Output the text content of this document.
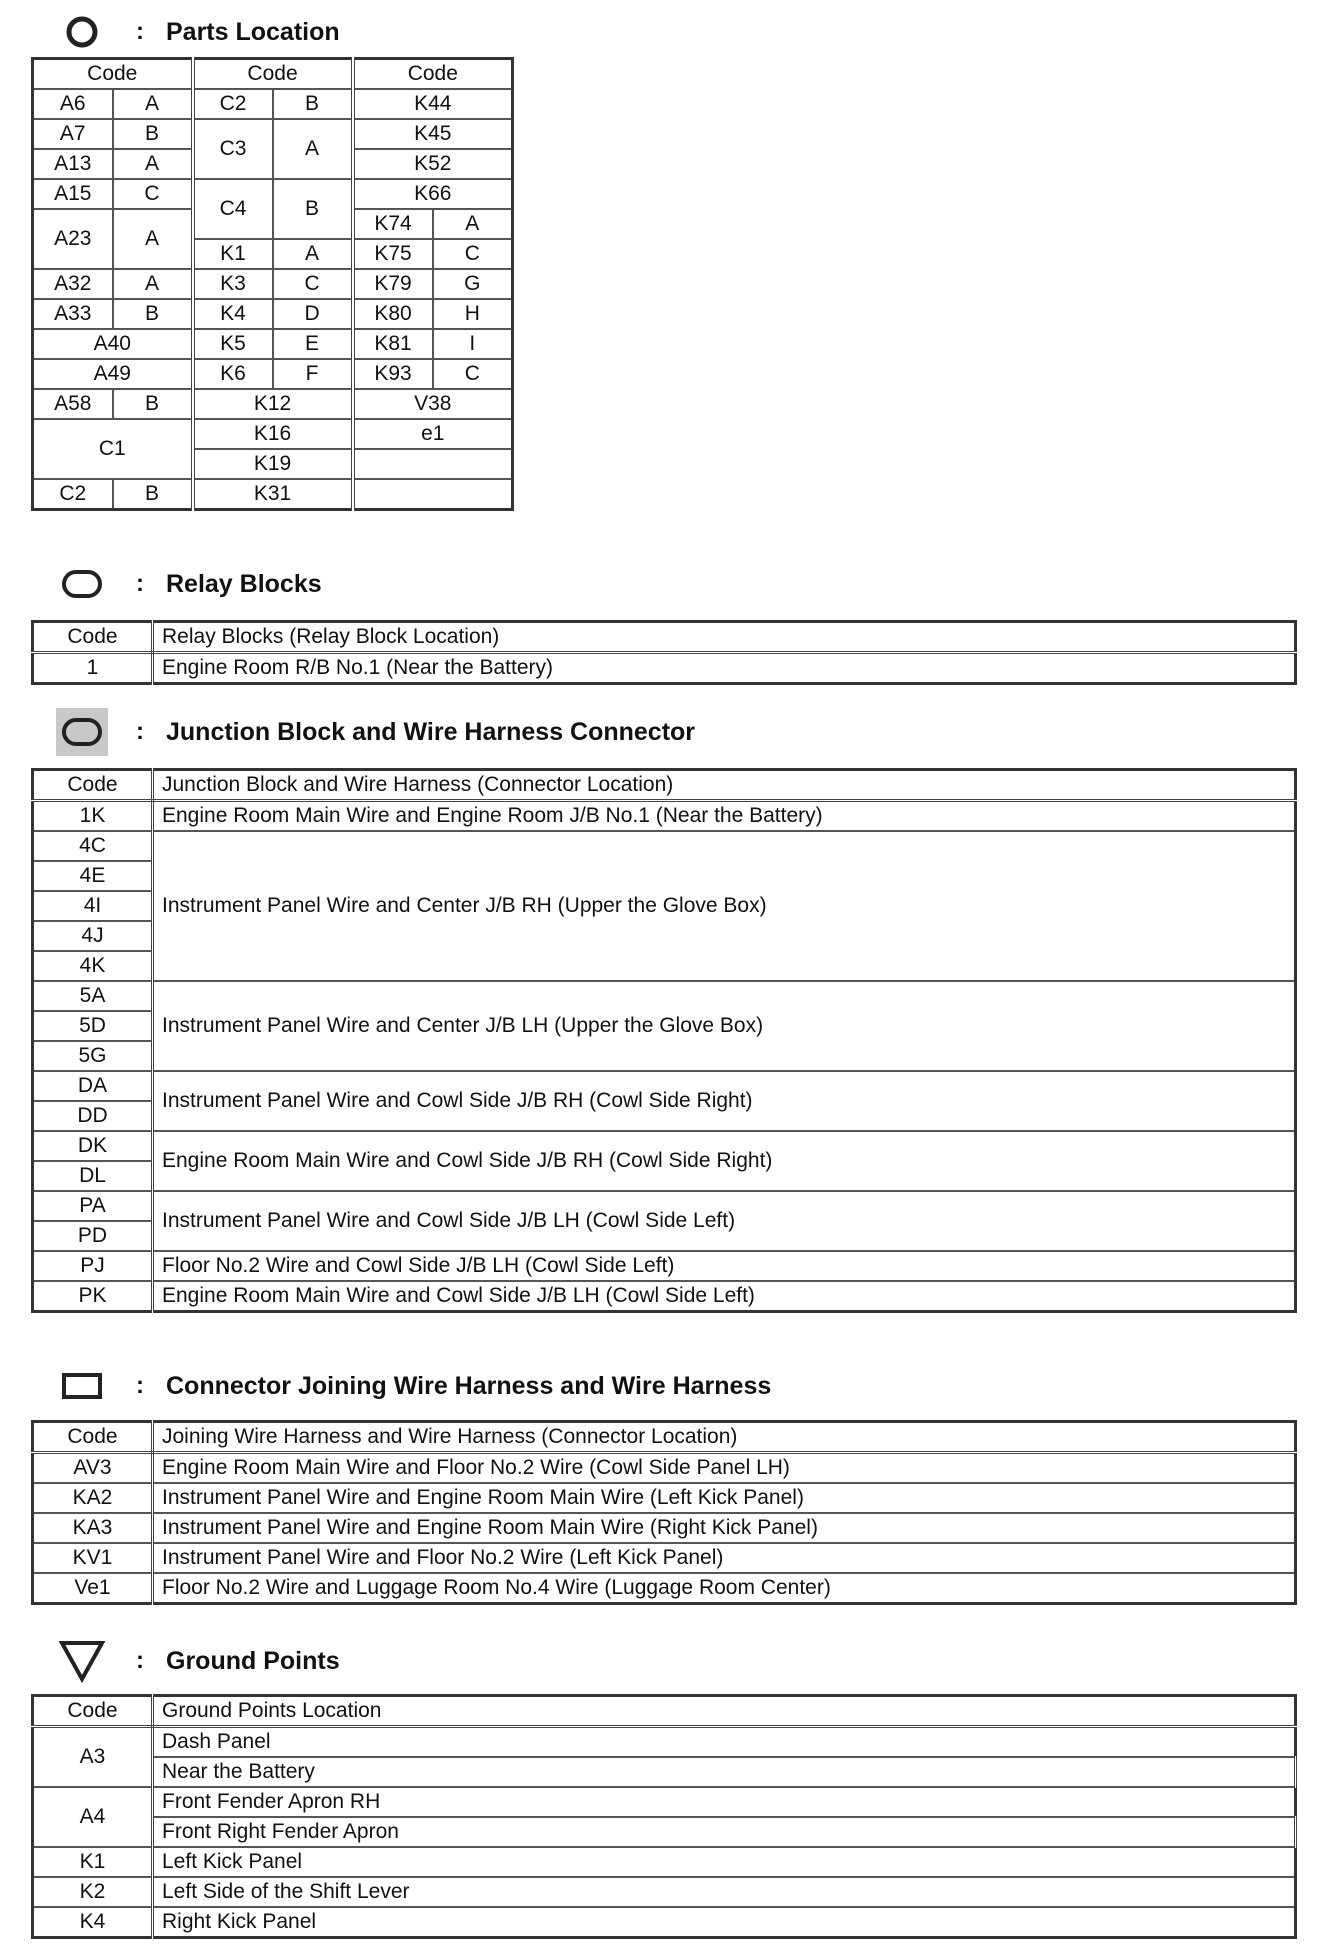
: Parts Location
Code		Code		Code	
A6	A	C2	B	K44	
A7	B	C3	A	K45	
A13	A			K52	
A15	C	C4	B	K66	
A23	A			K74	A
		K1	A	K75	C
A32	A	K3	C	K79	G
A33	B	K4	D	K80	H
A40		K5	E	K81	I
A49		K6	F	K93	C
A58	B	K12		V38	
C1		K16		e1	
		K19			
C2	B	K31			
: Relay Blocks
Code	Relay Blocks (Relay Block Location)
1	Engine Room R/B No.1 (Near the Battery)
: Junction Block and Wire Harness Connector
Code	Junction Block and Wire Harness (Connector Location)
1K	Engine Room Main Wire and Engine Room J/B No.1 (Near the Battery)
4C	Instrument Panel Wire and Center J/B RH (Upper the Glove Box)
4E	
4I	
4J	
4K	
5A	Instrument Panel Wire and Center J/B LH (Upper the Glove Box)
5D	
5G	
DA	Instrument Panel Wire and Cowl Side J/B RH (Cowl Side Right)
DD	
DK	Engine Room Main Wire and Cowl Side J/B RH (Cowl Side Right)
DL	
PA	Instrument Panel Wire and Cowl Side J/B LH (Cowl Side Left)
PD	
PJ	Floor No.2 Wire and Cowl Side J/B LH (Cowl Side Left)
PK	Engine Room Main Wire and Cowl Side J/B LH (Cowl Side Left)
: Connector Joining Wire Harness and Wire Harness
Code	Joining Wire Harness and Wire Harness (Connector Location)
AV3	Engine Room Main Wire and Floor No.2 Wire (Cowl Side Panel LH)
KA2	Instrument Panel Wire and Engine Room Main Wire (Left Kick Panel)
KA3	Instrument Panel Wire and Engine Room Main Wire (Right Kick Panel)
KV1	Instrument Panel Wire and Floor No.2 Wire (Left Kick Panel)
Ve1	Floor No.2 Wire and Luggage Room No.4 Wire (Luggage Room Center)
: Ground Points
Code	Ground Points Location
A3	Dash Panel
	Near the Battery
A4	Front Fender Apron RH
	Front Right Fender Apron
K1	Left Kick Panel
K2	Left Side of the Shift Lever
K4	Right Kick Panel
